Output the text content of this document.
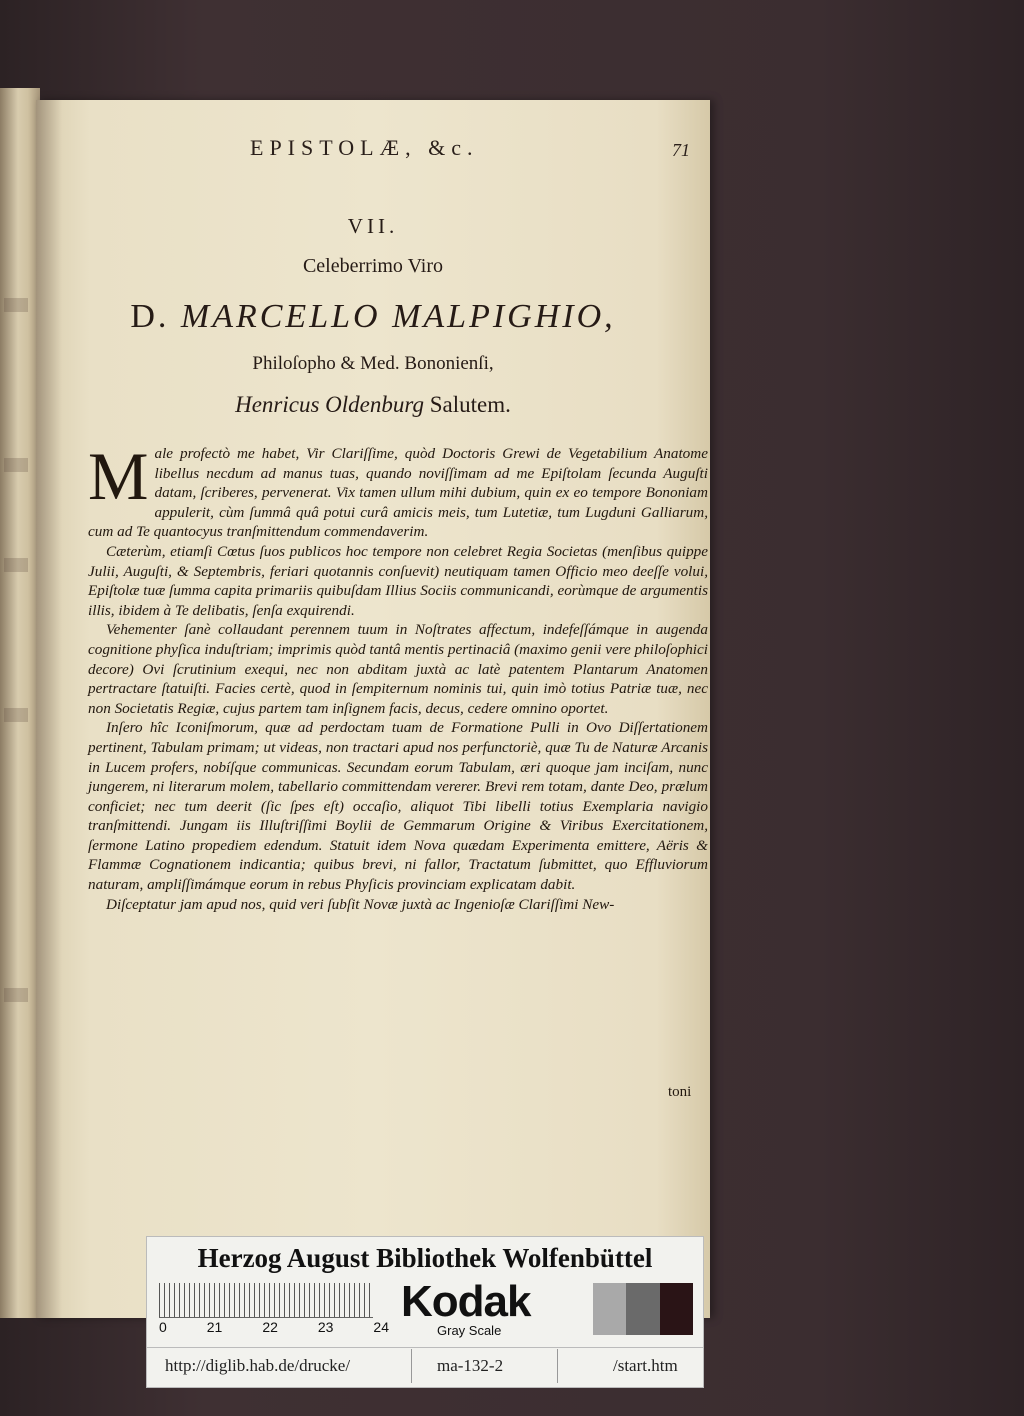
EPISTOLÆ, &c.	71
VII.
Celeberrimo Viro
D. MARCELLO MALPIGHIO,
Philoſopho & Med. Bononienſi,
Henricus Oldenburg Salutem.

Male profectò me habet, Vir Clariſſime, quòd Doctoris Grewi de Vegetabilium Anatome libellus necdum ad manus tuas, quando noviſſimam ad me Epiſtolam ſecunda Auguſti datam, ſcriberes, pervenerat. Vix tamen ullum mihi dubium, quin ex eo tempore Bononiam appulerit, cùm ſummâ quâ potui curâ amicis meis, tum Lutetiæ, tum Lugduni Galliarum, cum ad Te quantocyus tranſmittendum commendaverim.

Cæterùm, etiamſi Cœtus ſuos publicos hoc tempore non celebret Regia Societas (menſibus quippe Julii, Auguſti, & Septembris, feriari quotannis conſuevit) neutiquam tamen Officio meo deeſſe volui, Epiſtolæ tuæ ſumma capita primariis quibuſdam Illius Sociis communicandi, eorùmque de argumentis illis, ibidem à Te delibatis, ſenſa exquirendi.

Vehementer ſanè collaudant perennem tuum in Noſtrates affectum, indefeſſámque in augenda cognitione phyſica induſtriam; imprimis quòd tantâ mentis pertinaciâ (maximo genii vere philoſophici decore) Ovi ſcrutinium exequi, nec non abditam juxtà ac latè patentem Plantarum Anatomen pertractare ſtatuiſti. Facies certè, quod in ſempiternum nominis tui, quin imò totius Patriæ tuæ, nec non Societatis Regiæ, cujus partem tam inſignem facis, decus, cedere omnino oportet.

Inſero hîc Iconiſmorum, quæ ad perdoctam tuam de Formatione Pulli in Ovo Diſſertationem pertinent, Tabulam primam; ut videas, non tractari apud nos perfunctoriè, quæ Tu de Naturæ Arcanis in Lucem profers, nobíſque communicas. Secundam eorum Tabulam, æri quoque jam inciſam, nunc jungerem, ni literarum molem, tabellario committendam vererer. Brevi rem totam, dante Deo, prælum conficiet; nec tum deerit (ſic ſpes eſt) occaſio, aliquot Tibi libelli totius Exemplaria navigio tranſmittendi. Jungam iis Illuſtriſſimi Boylii de Gemmarum Origine & Viribus Exercitationem, ſermone Latino propediem edendum. Statuit idem Nova quædam Experimenta emittere, Aëris & Flammæ Cognationem indicantia; quibus brevi, ni fallor, Tractatum ſubmittet, quo Effluviorum naturam, ampliſſimámque eorum in rebus Phyſicis provinciam explicatam dabit.

Diſceptatur jam apud nos, quid veri ſubſit Novæ juxtà ac Ingenioſæ Clariſſimi New-

toni
Herzog August Bibliothek Wolfenbüttel
0	21	22	23	24
Kodak
Gray Scale
http://diglib.hab.de/drucke/	ma-132-2	/start.htm
